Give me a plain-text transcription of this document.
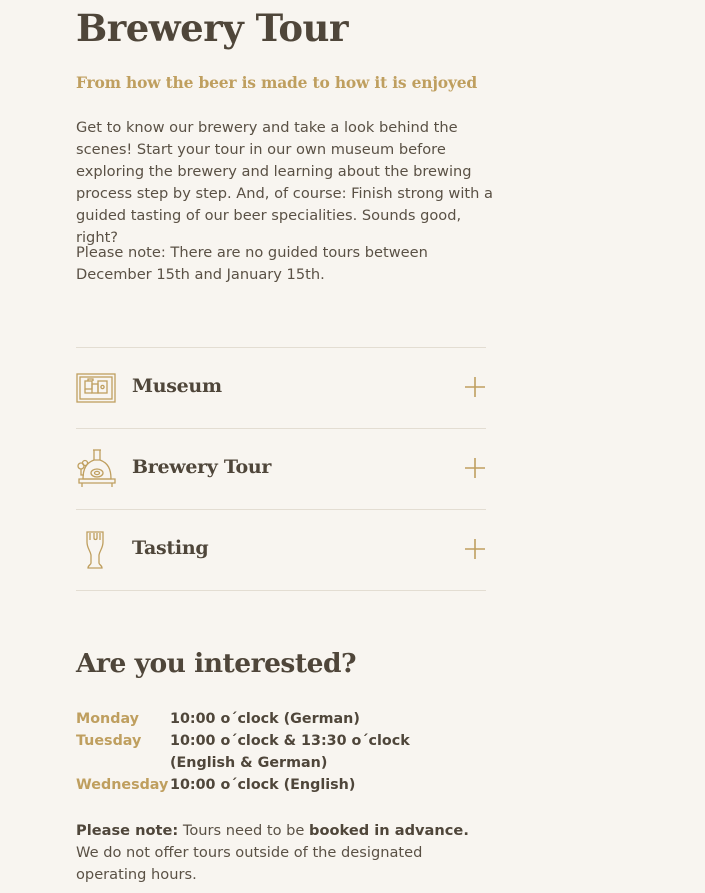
Brewery Tour

From how the beer is made to how it is enjoyed

Get to know our brewery and take a look behind the scenes! Start your tour in our own museum before exploring the brewery and learning about the brewing process step by step. And, of course: Finish strong with a guided tasting of our beer specialities. Sounds good, right?

Please note: There are no guided tours between December 15th and January 15th.

Museum
Brewery Tour
Tasting
Are you interested?
Monday	10:00 o´clock (German)
Tuesday	10:00 o´clock & 13:30 o´clock (English & German)
Wednesday 10:00 o´clock (English)

Please note: Tours need to be booked in advance. We do not offer tours outside of the designated operating hours.
